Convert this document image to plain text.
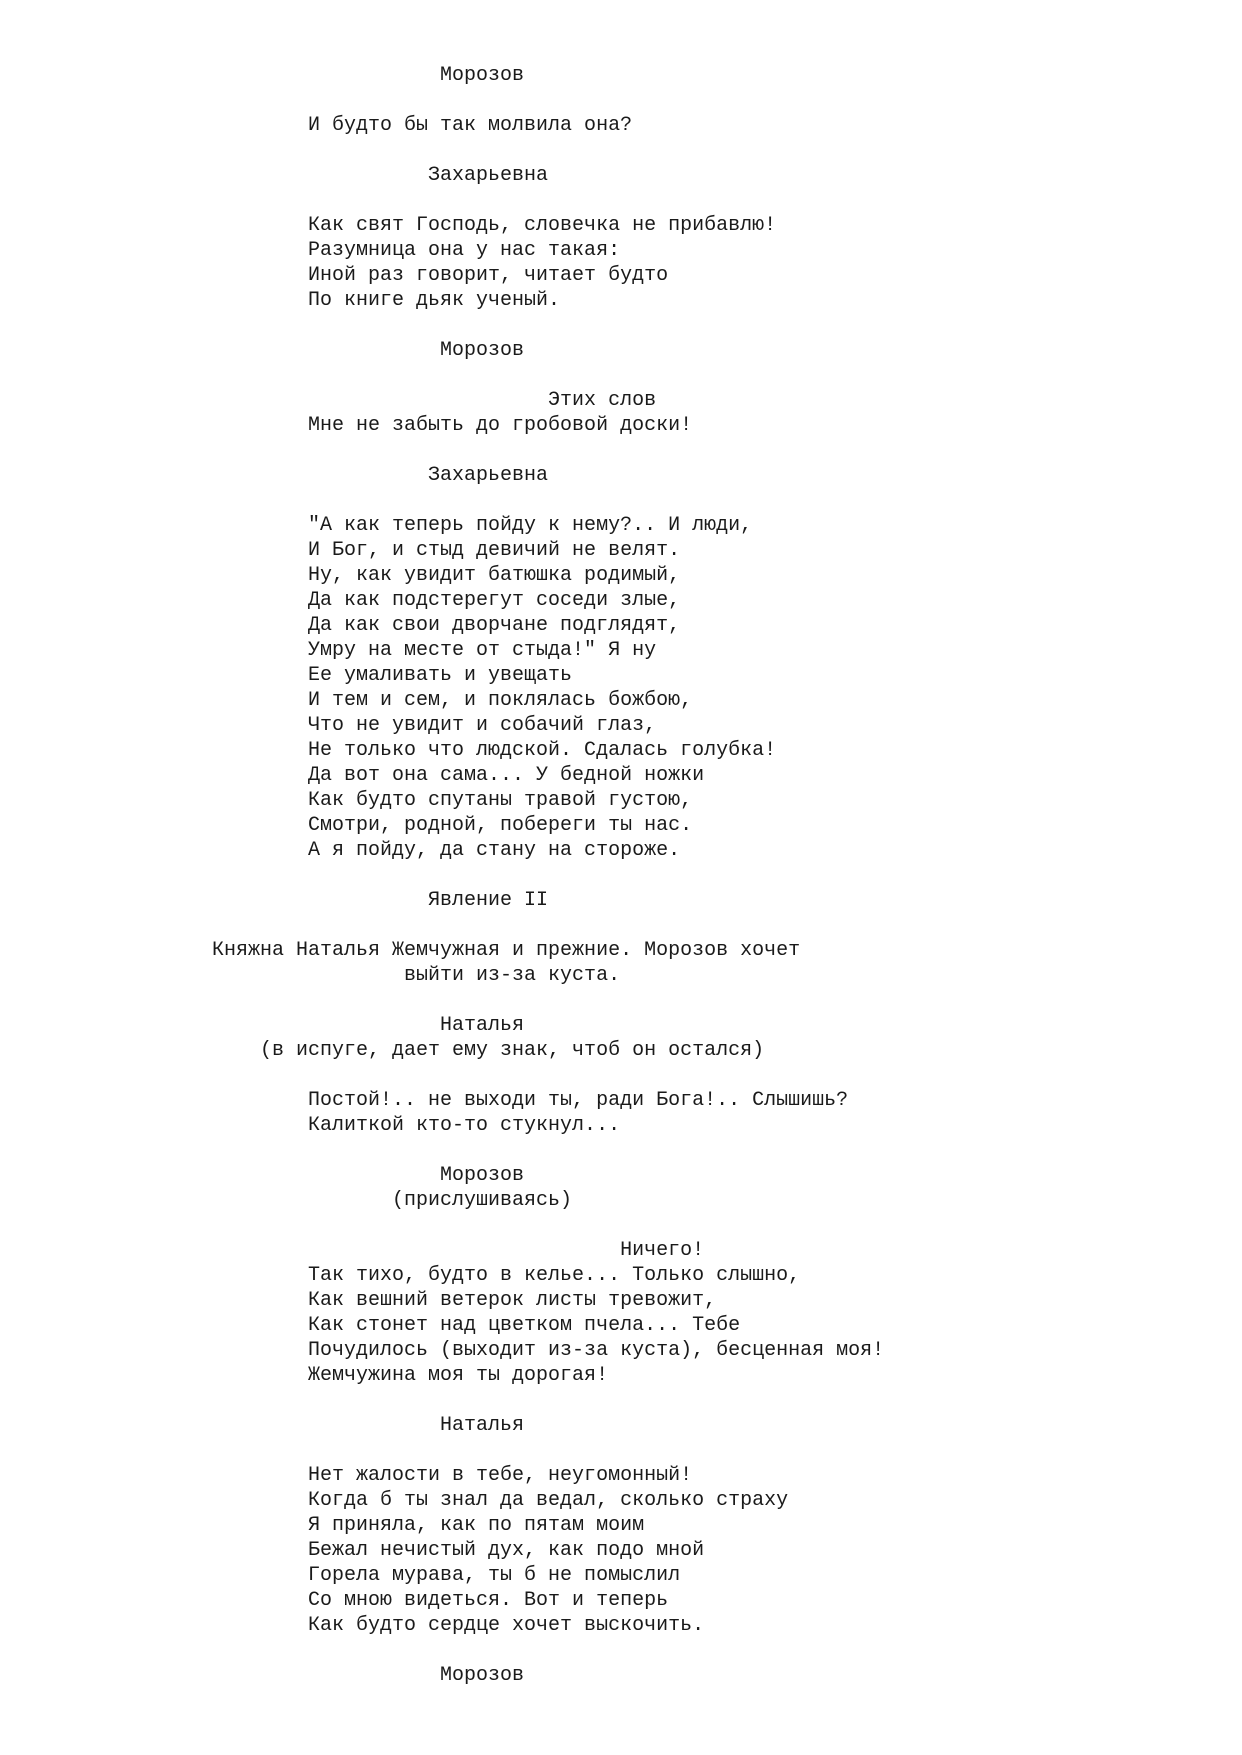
Морозов
И будто бы так молвила она?
Захарьевна
Как свят Господь, словечка не прибавлю!
Разумница она у нас такая:
Иной раз говорит, читает будто
По книге дьяк ученый.
Морозов
Этих слов
Мне не забыть до гробовой доски!
Захарьевна
"А как теперь пойду к нему?.. И люди,
И Бог, и стыд девичий не велят.
Ну, как увидит батюшка родимый,
Да как подстерегут соседи злые,
Да как свои дворчане подглядят,
Умру на месте от стыда!" Я ну
Ее умаливать и увещать
И тем и сем, и поклялась божбою,
Что не увидит и собачий глаз,
Не только что людской. Сдалась голубка!
Да вот она сама... У бедной ножки
Как будто спутаны травой густою,
Смотри, родной, побереги ты нас.
А я пойду, да стану на стороже.
Явление II
Княжна Наталья Жемчужная и прежние. Морозов хочет
выйти из-за куста.
Наталья
(в испуге, дает ему знак, чтоб он остался)
Постой!.. не выходи ты, ради Бога!.. Слышишь?
Калиткой кто-то стукнул...
Морозов
(прислушиваясь)
Ничего!
Так тихо, будто в келье... Только слышно,
Как вешний ветерок листы тревожит,
Как стонет над цветком пчела... Тебе
Почудилось (выходит из-за куста), бесценная моя!
Жемчужина моя ты дорогая!
Наталья
Нет жалости в тебе, неугомонный!
Когда б ты знал да ведал, сколько страху
Я приняла, как по пятам моим
Бежал нечистый дух, как подо мной
Горела мурава, ты б не помыслил
Со мною видеться. Вот и теперь
Как будто сердце хочет выскочить.
Морозов
